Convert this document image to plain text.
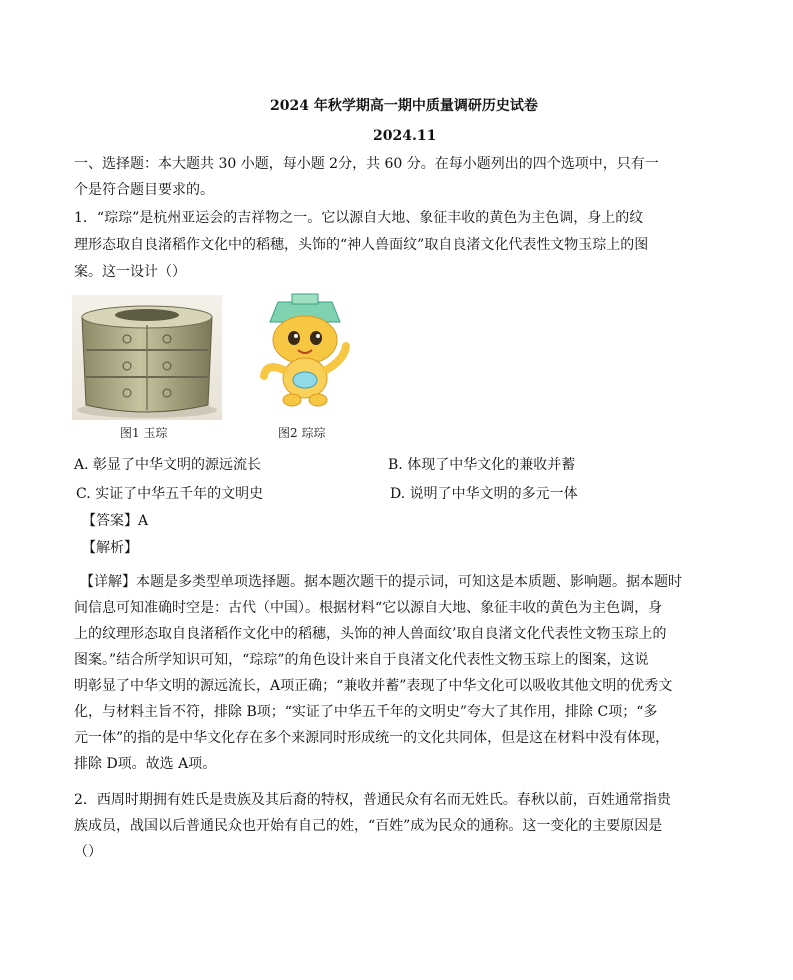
2024 年秋学期高一期中质量调研历史试卷
2024.11
一、选择题：本大题共 30 小题，每小题 2分，共 60 分。在每小题列出的四个选项中，只有一
个是符合题目要求的。
1．“琮琮”是杭州亚运会的吉祥物之一。它以源自大地、象征丰收的黄色为主色调，身上的纹
理形态取自良渚稻作文化中的稻穗，头饰的“神人兽面纹”取自良渚文化代表性文物玉琮上的图
案。这一设计（）
图1 玉琮	图2 琮琮
A. 彰显了中华文明的源远流长	B. 体现了中华文化的兼收并蓄
C. 实证了中华五千年的文明史	D. 说明了中华文明的多元一体
【答案】A
【解析】
【详解】本题是多类型单项选择题。据本题次题干的提示词，可知这是本质题、影响题。据本题时
间信息可知准确时空是：古代（中国）。根据材料“它以源自大地、象征丰收的黄色为主色调，身
上的纹理形态取自良渚稻作文化中的稻穗，头饰的神人兽面纹’取自良渚文化代表性文物玉琮上的
图案。”结合所学知识可知，“琮琮”的角色设计来自于良渚文化代表性文物玉琮上的图案，这说
明彰显了中华文明的源远流长，A项正确；“兼收并蓄”表现了中华文化可以吸收其他文明的优秀文
化，与材料主旨不符，排除 B项；“实证了中华五千年的文明史”夸大了其作用，排除 C项；“多
元一体”的指的是中华文化存在多个来源同时形成统一的文化共同体，但是这在材料中没有体现，
排除 D项。故选 A项。
2．西周时期拥有姓氏是贵族及其后裔的特权，普通民众有名而无姓氏。春秋以前，百姓通常指贵
族成员，战国以后普通民众也开始有自己的姓，“百姓”成为民众的通称。这一变化的主要原因是
（）
